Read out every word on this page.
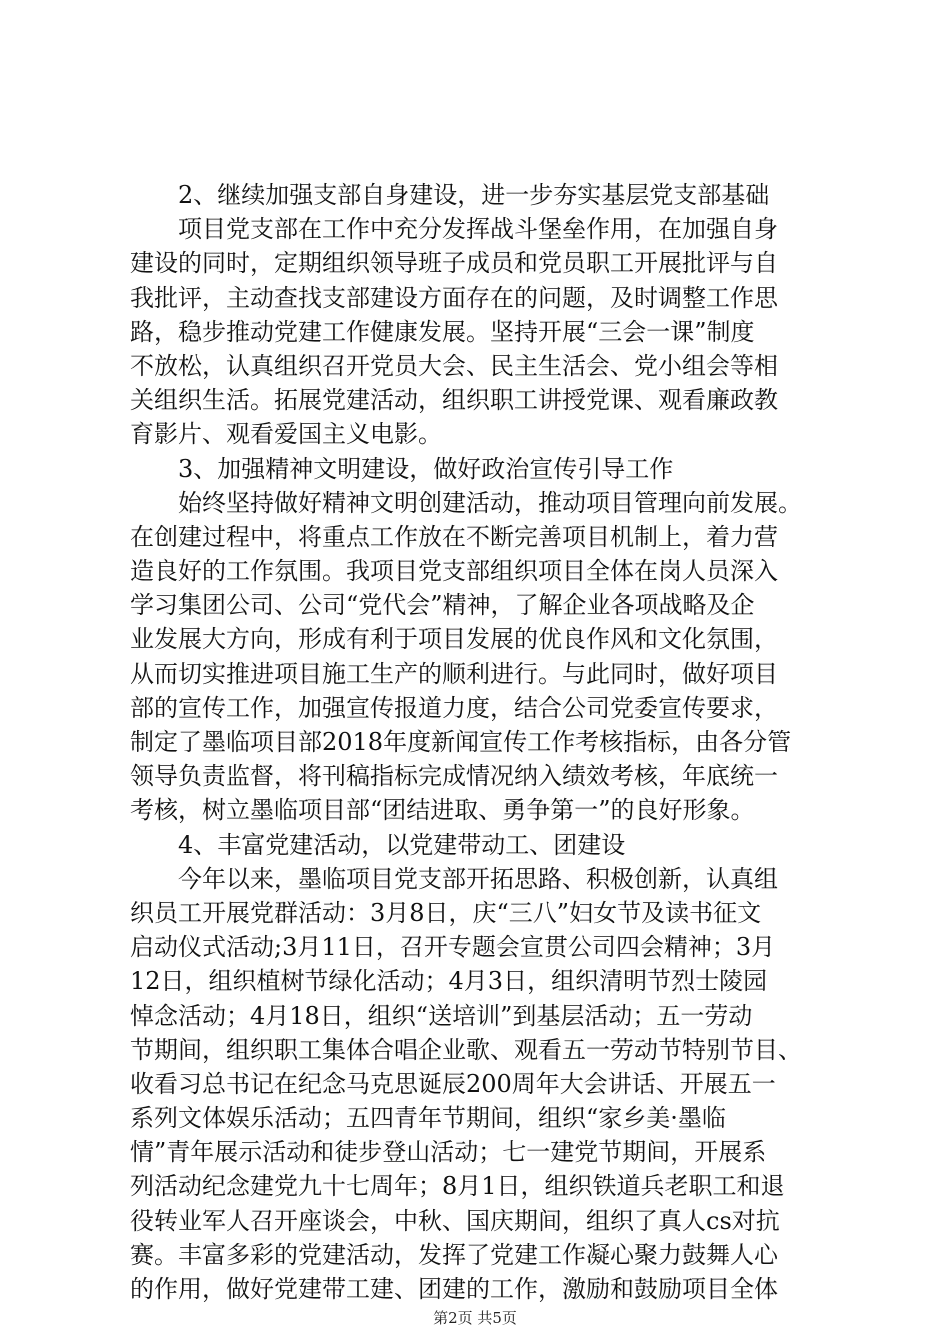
　　2、继续加强支部自身建设，进一步夯实基层党支部基础
　　项目党支部在工作中充分发挥战斗堡垒作用，在加强自身
建设的同时，定期组织领导班子成员和党员职工开展批评与自
我批评，主动查找支部建设方面存在的问题，及时调整工作思
路，稳步推动党建工作健康发展。坚持开展“三会一课”制度
不放松，认真组织召开党员大会、民主生活会、党小组会等相
关组织生活。拓展党建活动，组织职工讲授党课、观看廉政教
育影片、观看爱国主义电影。
　　3、加强精神文明建设，做好政治宣传引导工作
　　始终坚持做好精神文明创建活动，推动项目管理向前发展。
在创建过程中，将重点工作放在不断完善项目机制上，着力营
造良好的工作氛围。我项目党支部组织项目全体在岗人员深入
学习集团公司、公司“党代会”精神，了解企业各项战略及企
业发展大方向，形成有利于项目发展的优良作风和文化氛围，
从而切实推进项目施工生产的顺利进行。与此同时，做好项目
部的宣传工作，加强宣传报道力度，结合公司党委宣传要求，
制定了墨临项目部2018年度新闻宣传工作考核指标，由各分管
领导负责监督，将刊稿指标完成情况纳入绩效考核，年底统一
考核，树立墨临项目部“团结进取、勇争第一”的良好形象。
　　4、丰富党建活动，以党建带动工、团建设
　　今年以来，墨临项目党支部开拓思路、积极创新，认真组
织员工开展党群活动：3月8日，庆“三八”妇女节及读书征文
启动仪式活动;3月11日，召开专题会宣贯公司四会精神；3月
12日，组织植树节绿化活动；4月3日，组织清明节烈士陵园
悼念活动；4月18日，组织“送培训”到基层活动；五一劳动
节期间，组织职工集体合唱企业歌、观看五一劳动节特别节目、
收看习总书记在纪念马克思诞辰200周年大会讲话、开展五一
系列文体娱乐活动；五四青年节期间，组织“家乡美·墨临
情”青年展示活动和徒步登山活动；七一建党节期间，开展系
列活动纪念建党九十七周年；8月1日，组织铁道兵老职工和退
役转业军人召开座谈会，中秋、国庆期间，组织了真人cs对抗
赛。丰富多彩的党建活动，发挥了党建工作凝心聚力鼓舞人心
的作用，做好党建带工建、团建的工作，激励和鼓励项目全体
第2页 共5页
